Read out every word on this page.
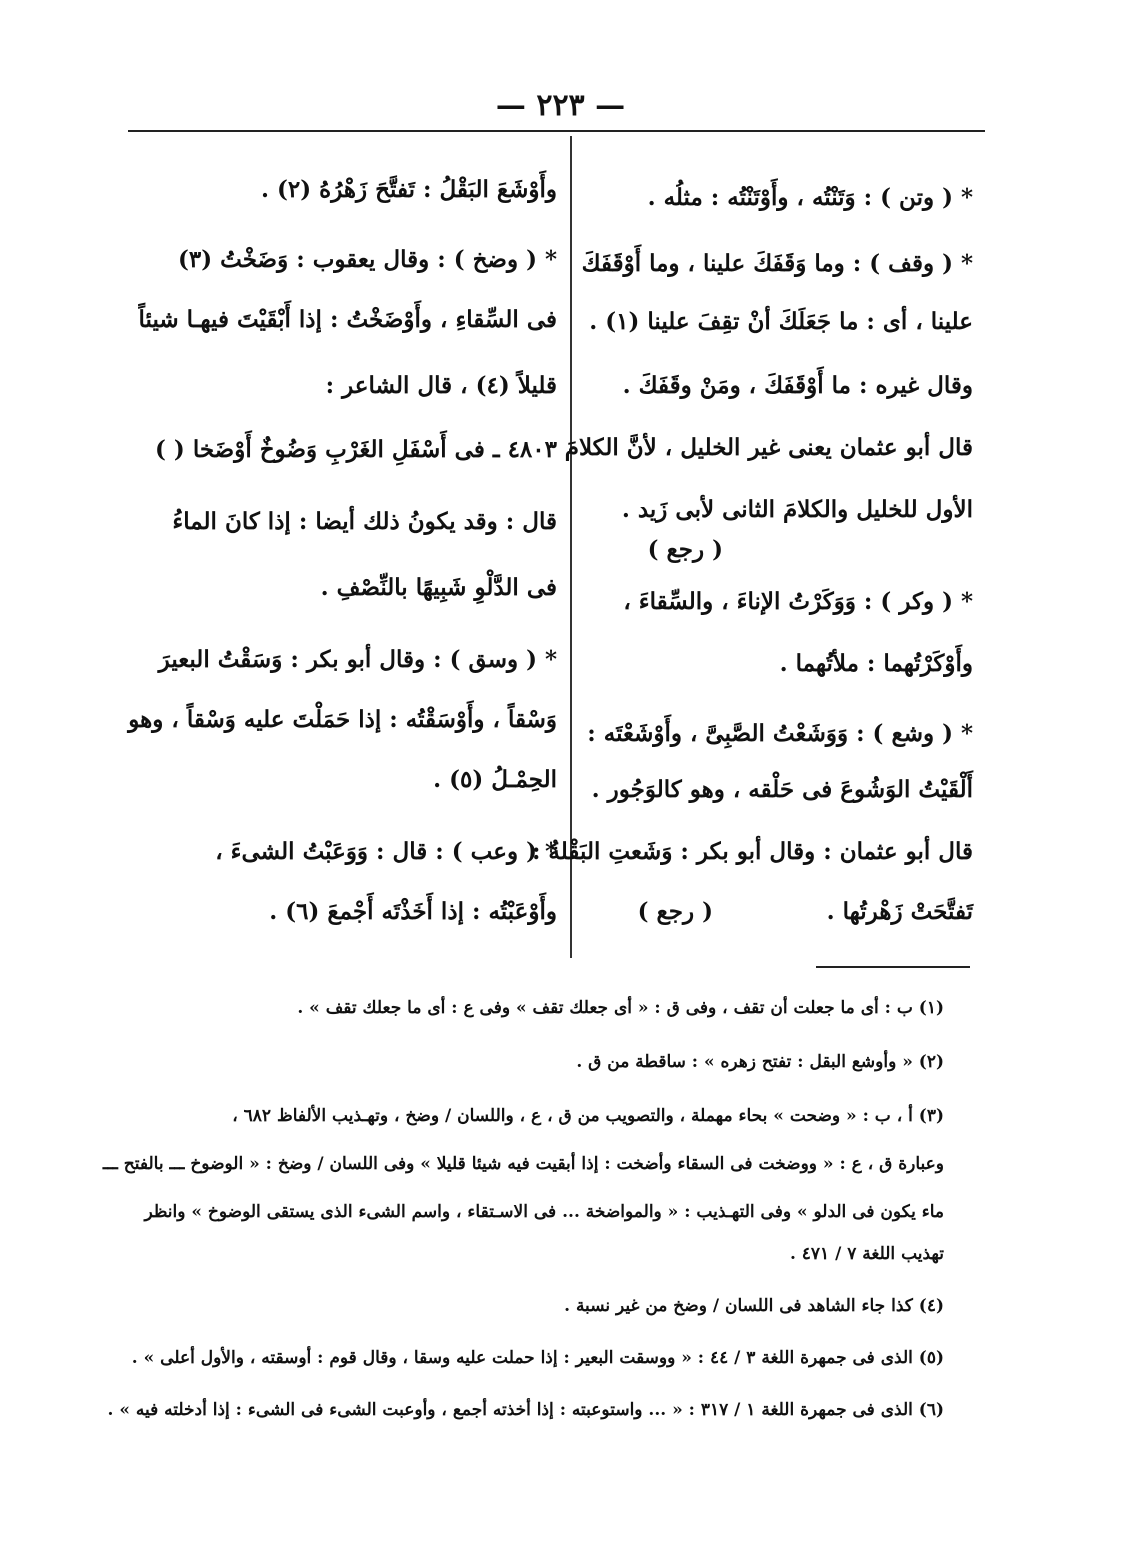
— ٢٢٣ —
* ( وتن ) : وَتَنْتُه ، وأَوْتَنْتُه : مثلُه .
* ( وقف ) : وما وَقَفَكَ علينا ، وما أَوْقَفَكَ
علينا ، أى : ما جَعَلَكَ أنْ تقِفَ علينا (١) .
وقال غيره : ما أَوْقَفَكَ ، ومَنْ وقَفَكَ .
قال أبو عثمان يعنى غير الخليل ، لأنَّ الكلامَ
الأول للخليل والكلامَ الثانى لأبى زَيد .
( رجع )
* ( وكر ) : وَوَكَرْتُ الإناءَ ، والسِّقاءَ ،
وأَوْكَرْتُهما : ملأتُهما .
* ( وشع ) : وَوَشَعْتُ الصَّبِىَّ ، وأَوْشَعْتَه :
أَلْقَيْتُ الوَشُوعَ فى حَلْقه ، وهو كالوَجُور .
قال أبو عثمان : وقال أبو بكر : وَشَعتِ البَقْلةُ :
تَفتَّحَتْ زَهْرتُها .
( رجع )
وأَوْشَعَ البَقْلُ : تَفتَّحَ زَهْرُهُ (٢) .
* ( وضخ ) : وقال يعقوب : وَضَخْتُ (٣)
فى السِّقاءِ ، وأَوْضَخْتُ : إذا أَبْقَيْتَ فيهـا شيئاً
قليلاً (٤) ، قال الشاعر :
٤٨٠٣ ـ فى أَسْفَلِ الغَرْبِ وَضُوخٌ أَوْضَخا ( )
قال : وقد يكونُ ذلك أيضا : إذا كانَ الماءُ
فى الدَّلْوِ شَبِيهًا بالنِّصْفِ .
* ( وسق ) : وقال أبو بكر : وَسَقْتُ البعيرَ
وَسْقاً ، وأَوْسَقْتُه : إذا حَمَلْتَ عليه وَسْقاً ، وهو
الحِمْـلُ (٥) .
* ( وعب ) : قال : وَوَعَبْتُ الشىءَ ،
وأَوْعَبْتُه : إذا أَخَذْتَه أَجْمعَ (٦) .
(١) ب : أى ما جعلت أن تقف ، وفى ق : « أى جعلك تقف » وفى ع : أى ما جعلك تقف » .
(٢) « وأوشع البقل : تفتح زهره » : ساقطة من ق .
(٣) أ ، ب : « وضحت » بحاء مهملة ، والتصويب من ق ، ع ، واللسان / وضخ ، وتهـذيب الألفاظ ٦٨٢ ،
وعبارة ق ، ع : « ووضخت فى السقاء وأضخت : إذا أبقيت فيه شيئا قليلا » وفى اللسان / وضخ : « الوضوخ ـــ بالفتح ـــ
ماء يكون فى الدلو » وفى التهـذيب : « والمواضخة ... فى الاسـتقاء ، واسم الشىء الذى يستقى الوضوخ » وانظر
تهذيب اللغة ٧ / ٤٧١ .
(٤) كذا جاء الشاهد فى اللسان / وضخ من غير نسبة .
(٥) الذى فى جمهرة اللغة ٣ / ٤٤ : « ووسقت البعير : إذا حملت عليه وسقا ، وقال قوم : أوسقته ، والأول أعلى » .
(٦) الذى فى جمهرة اللغة ١ / ٣١٧ : « ... واستوعبته : إذا أخذته أجمع ، وأوعبت الشىء فى الشىء : إذا أدخلته فيه » .
